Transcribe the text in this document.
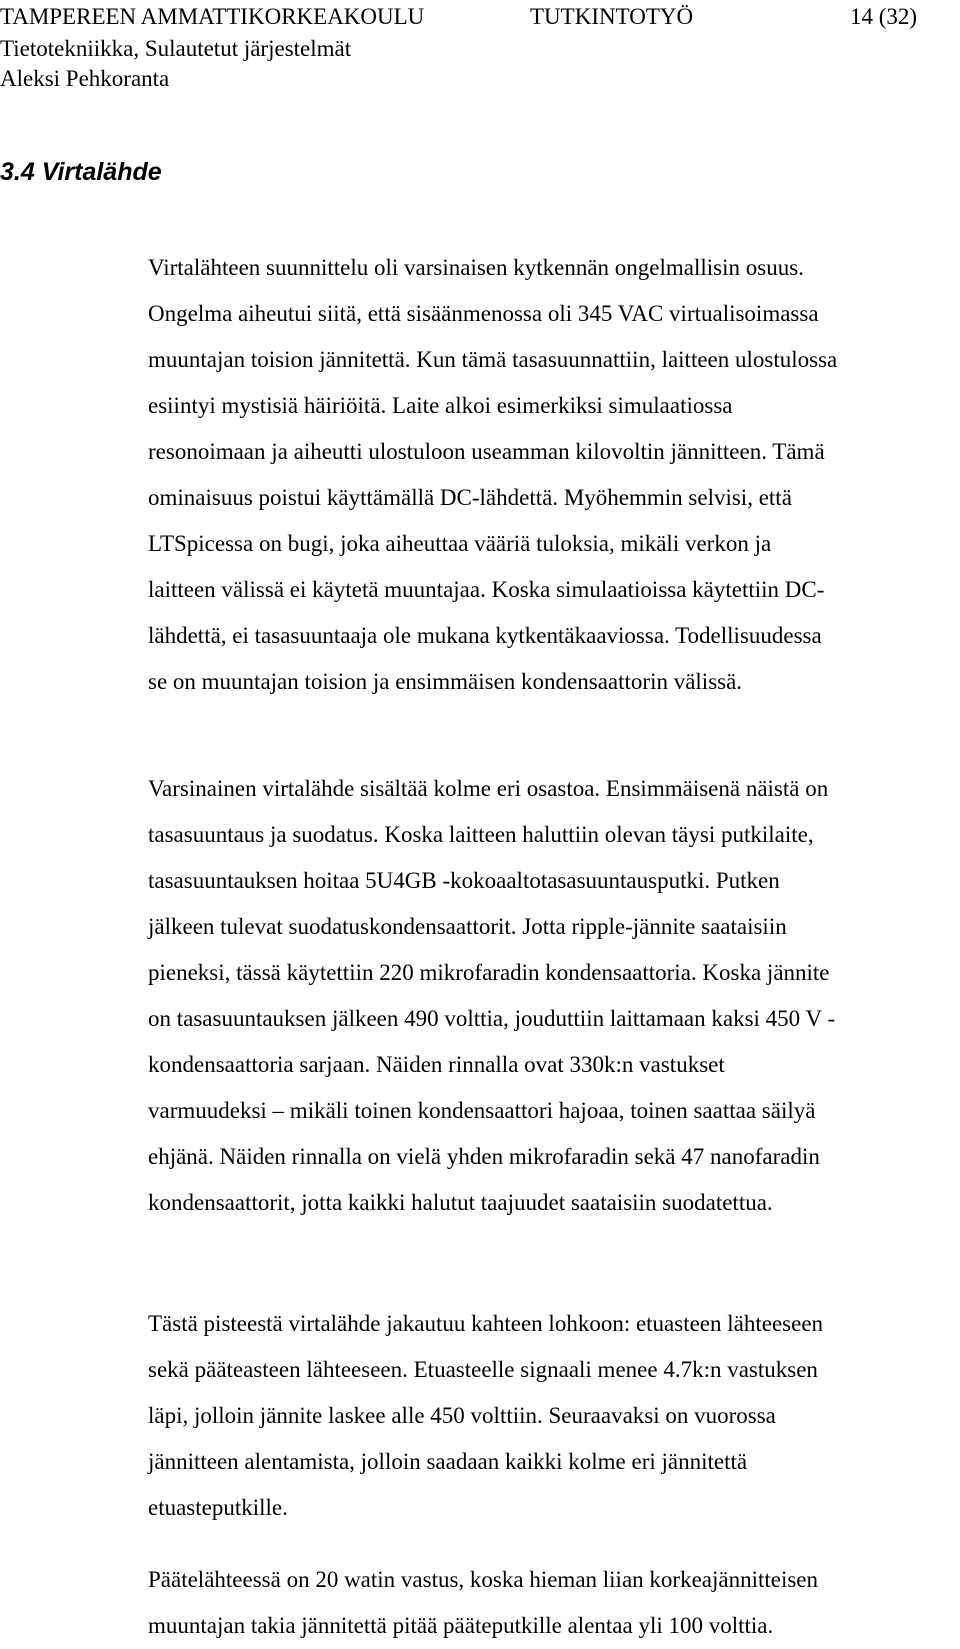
TAMPEREEN AMMATTIKORKEAKOULU	TUTKINTOTYÖ	14 (32)
Tietotekniikka, Sulautetut järjestelmät
Aleksi Pehkoranta
3.4 Virtalähde
Virtalähteen suunnittelu oli varsinaisen kytkennän ongelmallisin osuus.
Ongelma aiheutui siitä, että sisäänmenossa oli 345 VAC virtualisoimassa
muuntajan toision jännitettä. Kun tämä tasasuunnattiin, laitteen ulostulossa
esiintyi mystisiä häiriöitä. Laite alkoi esimerkiksi simulaatiossa
resonoimaan ja aiheutti ulostuloon useamman kilovoltin jännitteen. Tämä
ominaisuus poistui käyttämällä DC-lähdettä. Myöhemmin selvisi, että
LTSpicessa on bugi, joka aiheuttaa vääriä tuloksia, mikäli verkon ja
laitteen välissä ei käytetä muuntajaa. Koska simulaatioissa käytettiin DC-
lähdettä, ei tasasuuntaaja ole mukana kytkentäkaaviossa. Todellisuudessa
se on muuntajan toision ja ensimmäisen kondensaattorin välissä.
Varsinainen virtalähde sisältää kolme eri osastoa. Ensimmäisenä näistä on
tasasuuntaus ja suodatus. Koska laitteen haluttiin olevan täysi putkilaite,
tasasuuntauksen hoitaa 5U4GB -kokoaaltotasasuuntausputki. Putken
jälkeen tulevat suodatuskondensaattorit. Jotta ripple-jännite saataisiin
pieneksi, tässä käytettiin 220 mikrofaradin kondensaattoria. Koska jännite
on tasasuuntauksen jälkeen 490 volttia, jouduttiin laittamaan kaksi 450 V -
kondensaattoria sarjaan. Näiden rinnalla ovat 330k:n vastukset
varmuudeksi – mikäli toinen kondensaattori hajoaa, toinen saattaa säilyä
ehjänä. Näiden rinnalla on vielä yhden mikrofaradin sekä 47 nanofaradin
kondensaattorit, jotta kaikki halutut taajuudet saataisiin suodatettua.
Tästä pisteestä virtalähde jakautuu kahteen lohkoon: etuasteen lähteeseen
sekä pääteasteen lähteeseen. Etuasteelle signaali menee 4.7k:n vastuksen
läpi, jolloin jännite laskee alle 450 volttiin. Seuraavaksi on vuorossa
jännitteen alentamista, jolloin saadaan kaikki kolme eri jännitettä
etuasteputkille.
Päätelähteessä on 20 watin vastus, koska hieman liian korkeajännitteisen
muuntajan takia jännitettä pitää pääteputkille alentaa yli 100 volttia.
